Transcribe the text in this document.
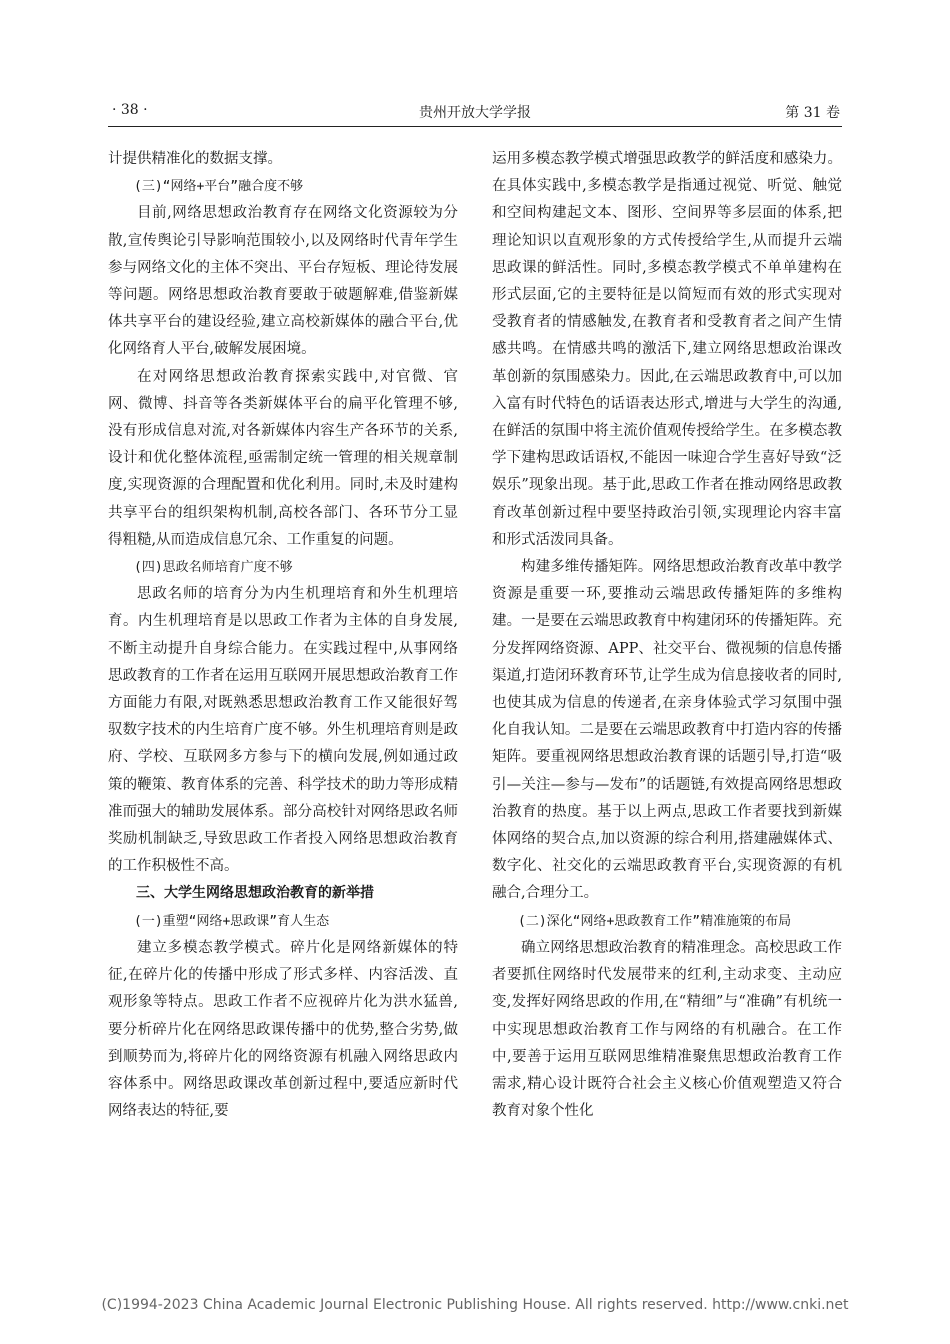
· 38 ·	贵州开放大学学报	第 31 卷

计提供精准化的数据支撑。

(三)“网络+平台”融合度不够

目前,网络思想政治教育存在网络文化资源较为分散,宣传舆论引导影响范围较小,以及网络时代青年学生参与网络文化的主体不突出、平台存短板、理论待发展等问题。网络思想政治教育要敢于破题解难,借鉴新媒体共享平台的建设经验,建立高校新媒体的融合平台,优化网络育人平台,破解发展困境。

在对网络思想政治教育探索实践中,对官微、官网、微博、抖音等各类新媒体平台的扁平化管理不够,没有形成信息对流,对各新媒体内容生产各环节的关系,设计和优化整体流程,亟需制定统一管理的相关规章制度,实现资源的合理配置和优化利用。同时,未及时建构共享平台的组织架构机制,高校各部门、各环节分工显得粗糙,从而造成信息冗余、工作重复的问题。

(四)思政名师培育广度不够

思政名师的培育分为内生机理培育和外生机理培育。内生机理培育是以思政工作者为主体的自身发展,不断主动提升自身综合能力。在实践过程中,从事网络思政教育的工作者在运用互联网开展思想政治教育工作方面能力有限,对既熟悉思想政治教育工作又能很好驾驭数字技术的内生培育广度不够。外生机理培育则是政府、学校、互联网多方参与下的横向发展,例如通过政策的鞭策、教育体系的完善、科学技术的助力等形成精准而强大的辅助发展体系。部分高校针对网络思政名师奖励机制缺乏,导致思政工作者投入网络思想政治教育的工作积极性不高。

三、大学生网络思想政治教育的新举措

(一)重塑“网络+思政课”育人生态

建立多模态教学模式。碎片化是网络新媒体的特征,在碎片化的传播中形成了形式多样、内容活泼、直观形象等特点。思政工作者不应视碎片化为洪水猛兽,要分析碎片化在网络思政课传播中的优势,整合劣势,做到顺势而为,将碎片化的网络资源有机融入网络思政内容体系中。网络思政课改革创新过程中,要适应新时代网络表达的特征,要

运用多模态教学模式增强思政教学的鲜活度和感染力。在具体实践中,多模态教学是指通过视觉、听觉、触觉和空间构建起文本、图形、空间界等多层面的体系,把理论知识以直观形象的方式传授给学生,从而提升云端思政课的鲜活性。同时,多模态教学模式不单单建构在形式层面,它的主要特征是以简短而有效的形式实现对受教育者的情感触发,在教育者和受教育者之间产生情感共鸣。在情感共鸣的激活下,建立网络思想政治课改革创新的氛围感染力。因此,在云端思政教育中,可以加入富有时代特色的话语表达形式,增进与大学生的沟通,在鲜活的氛围中将主流价值观传授给学生。在多模态教学下建构思政话语权,不能因一味迎合学生喜好导致“泛娱乐”现象出现。基于此,思政工作者在推动网络思政教育改革创新过程中要坚持政治引领,实现理论内容丰富和形式活泼同具备。

构建多维传播矩阵。网络思想政治教育改革中教学资源是重要一环,要推动云端思政传播矩阵的多维构建。一是要在云端思政教育中构建闭环的传播矩阵。充分发挥网络资源、APP、社交平台、微视频的信息传播渠道,打造闭环教育环节,让学生成为信息接收者的同时,也使其成为信息的传递者,在亲身体验式学习氛围中强化自我认知。二是要在云端思政教育中打造内容的传播矩阵。要重视网络思想政治教育课的话题引导,打造“吸引—关注—参与—发布”的话题链,有效提高网络思想政治教育的热度。基于以上两点,思政工作者要找到新媒体网络的契合点,加以资源的综合利用,搭建融媒体式、数字化、社交化的云端思政教育平台,实现资源的有机融合,合理分工。

(二)深化“网络+思政教育工作”精准施策的布局

确立网络思想政治教育的精准理念。高校思政工作者要抓住网络时代发展带来的红利,主动求变、主动应变,发挥好网络思政的作用,在“精细”与“准确”有机统一中实现思想政治教育工作与网络的有机融合。在工作中,要善于运用互联网思维精准聚焦思想政治教育工作需求,精心设计既符合社会主义核心价值观塑造又符合教育对象个性化

(C)1994-2023 China Academic Journal Electronic Publishing House. All rights reserved. http://www.cnki.net
